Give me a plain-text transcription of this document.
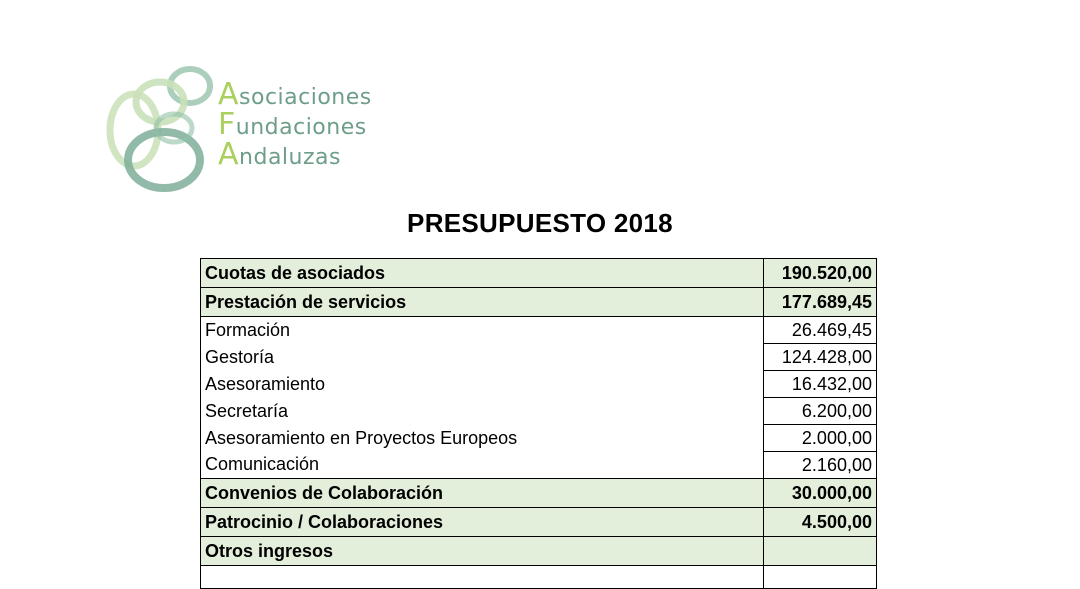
Asociaciones
Fundaciones
Andaluzas
PRESUPUESTO 2018
Cuotas de asociados	190.520,00
Prestación de servicios	177.689,45
Formación	26.469,45
Gestoría	124.428,00
Asesoramiento	16.432,00
Secretaría	6.200,00
Asesoramiento en Proyectos Europeos	2.000,00
Comunicación	2.160,00
Convenios de Colaboración	30.000,00
Patrocinio / Colaboraciones	4.500,00
Otros ingresos	
